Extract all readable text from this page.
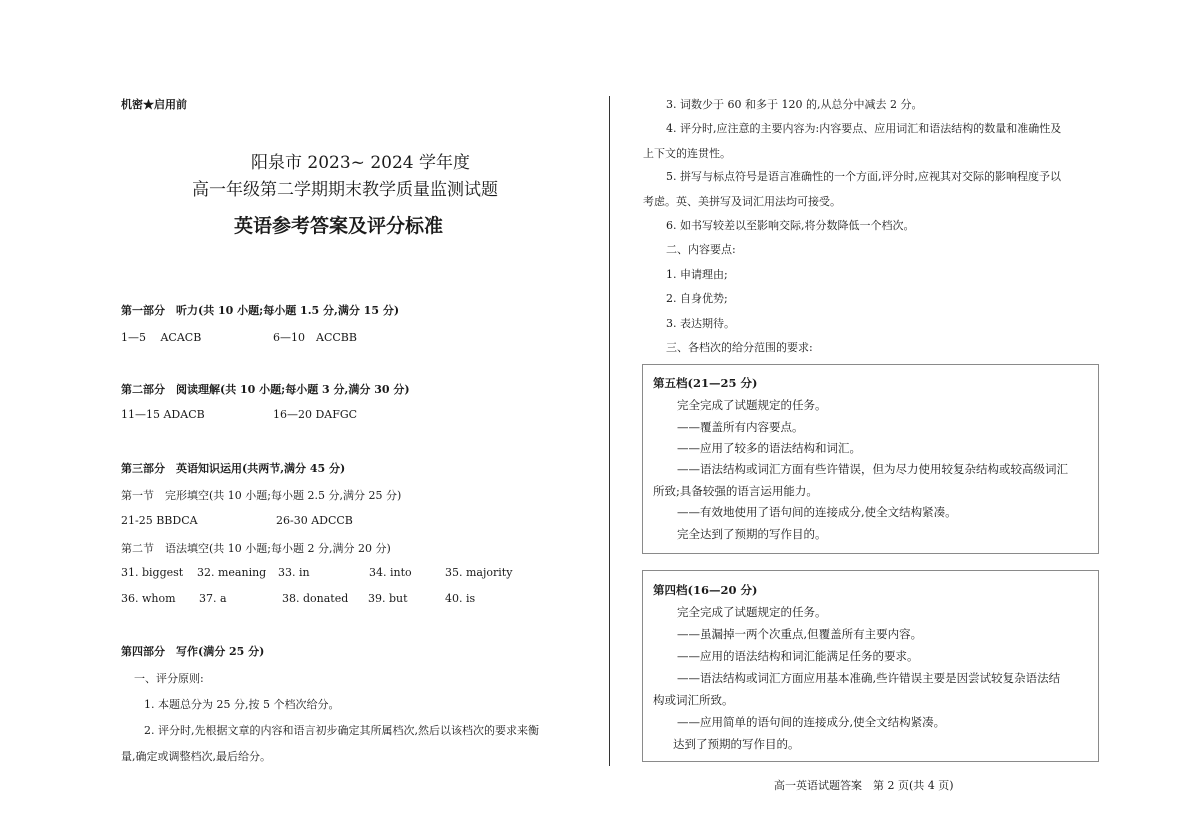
机密★启用前
阳泉市 2023~ 2024 学年度
高一年级第二学期期末教学质量监测试题
英语参考答案及评分标准
第一部分　听力(共 10 小题;每小题 1.5 分,满分 15 分)
1—5　 ACACB	6—10　ACCBB
第二部分　阅读理解(共 10 小题;每小题 3 分,满分 30 分)
11—15 ADACB	16—20 DAFGC
第三部分　英语知识运用(共两节,满分 45 分)
第一节　完形填空(共 10 小题;每小题 2.5 分,满分 25 分)
21-25 BBDCA	26-30 ADCCB
第二节　语法填空(共 10 小题;每小题 2 分,满分 20 分)
31. biggest 32. meaning 33. in	34. into	35. majority
36. whom 37. a	38. donated 39. but	40. is
第四部分　写作(满分 25 分)
一、评分原则:
1. 本题总分为 25 分,按 5 个档次给分。
2. 评分时,先根据文章的内容和语言初步确定其所属档次,然后以该档次的要求来衡
量,确定或调整档次,最后给分。
3. 词数少于 60 和多于 120 的,从总分中减去 2 分。
4. 评分时,应注意的主要内容为:内容要点、应用词汇和语法结构的数量和准确性及
上下文的连贯性。
5. 拼写与标点符号是语言准确性的一个方面,评分时,应视其对交际的影响程度予以
考虑。英、美拼写及词汇用法均可接受。
6. 如书写较差以至影响交际,将分数降低一个档次。
二、内容要点:
1. 申请理由;
2. 自身优势;
3. 表达期待。
三、各档次的给分范围的要求:
第五档(21—25 分)
完全完成了试题规定的任务。
——覆盖所有内容要点。
——应用了较多的语法结构和词汇。
——语法结构或词汇方面有些许错误，但为尽力使用较复杂结构或较高级词汇
所致;具备较强的语言运用能力。
——有效地使用了语句间的连接成分,使全文结构紧凑。
完全达到了预期的写作目的。
第四档(16—20 分)
完全完成了试题规定的任务。
——虽漏掉一两个次重点,但覆盖所有主要内容。
——应用的语法结构和词汇能满足任务的要求。
——语法结构或词汇方面应用基本准确,些许错误主要是因尝试较复杂语法结
构或词汇所致。
——应用简单的语句间的连接成分,使全文结构紧凑。
达到了预期的写作目的。
高一英语试题答案　第 2 页(共 4 页)
